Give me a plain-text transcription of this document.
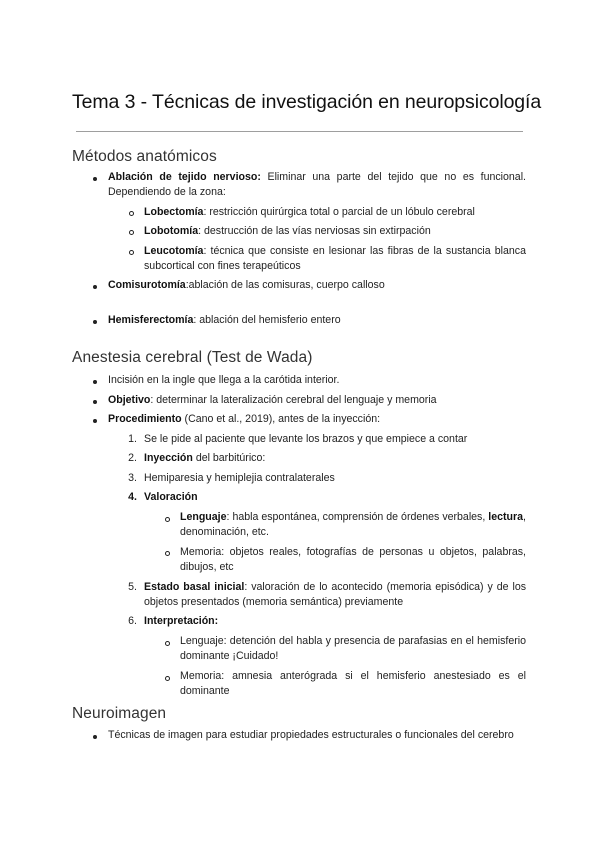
Tema 3 - Técnicas de investigación en neuropsicología
Métodos anatómicos
Ablación de tejido nervioso: Eliminar una parte del tejido que no es funcional. Dependiendo de la zona:
Lobectomía: restricción quirúrgica total o parcial de un lóbulo cerebral
Lobotomía: destrucción de las vías nerviosas sin extirpación
Leucotomía: técnica que consiste en lesionar las fibras de la sustancia blanca subcortical con fines terapeúticos
Comisurotomía:ablación de las comisuras, cuerpo calloso
Hemisferectomía: ablación del hemisferio entero
Anestesia cerebral (Test de Wada)
Incisión en la ingle que llega a la carótida interior.
Objetivo: determinar la lateralización cerebral del lenguaje y memoria
Procedimiento (Cano et al., 2019), antes de la inyección:
1. Se le pide al paciente que levante los brazos y que empiece a contar
2. Inyección del barbitúrico:
3. Hemiparesia y hemiplejia contralaterales
4. Valoración
Lenguaje: habla espontánea, comprensión de órdenes verbales, lectura, denominación, etc.
Memoria: objetos reales, fotografías de personas u objetos, palabras, dibujos, etc
5. Estado basal inicial: valoración de lo acontecido (memoria episódica) y de los objetos presentados (memoria semántica) previamente
6. Interpretación:
Lenguaje: detención del habla y presencia de parafasias en el hemisferio dominante ¡Cuidado!
Memoria: amnesia anterógrada si el hemisferio anestesiado es el dominante
Neuroimagen
Técnicas de imagen para estudiar propiedades estructurales o funcionales del cerebro
